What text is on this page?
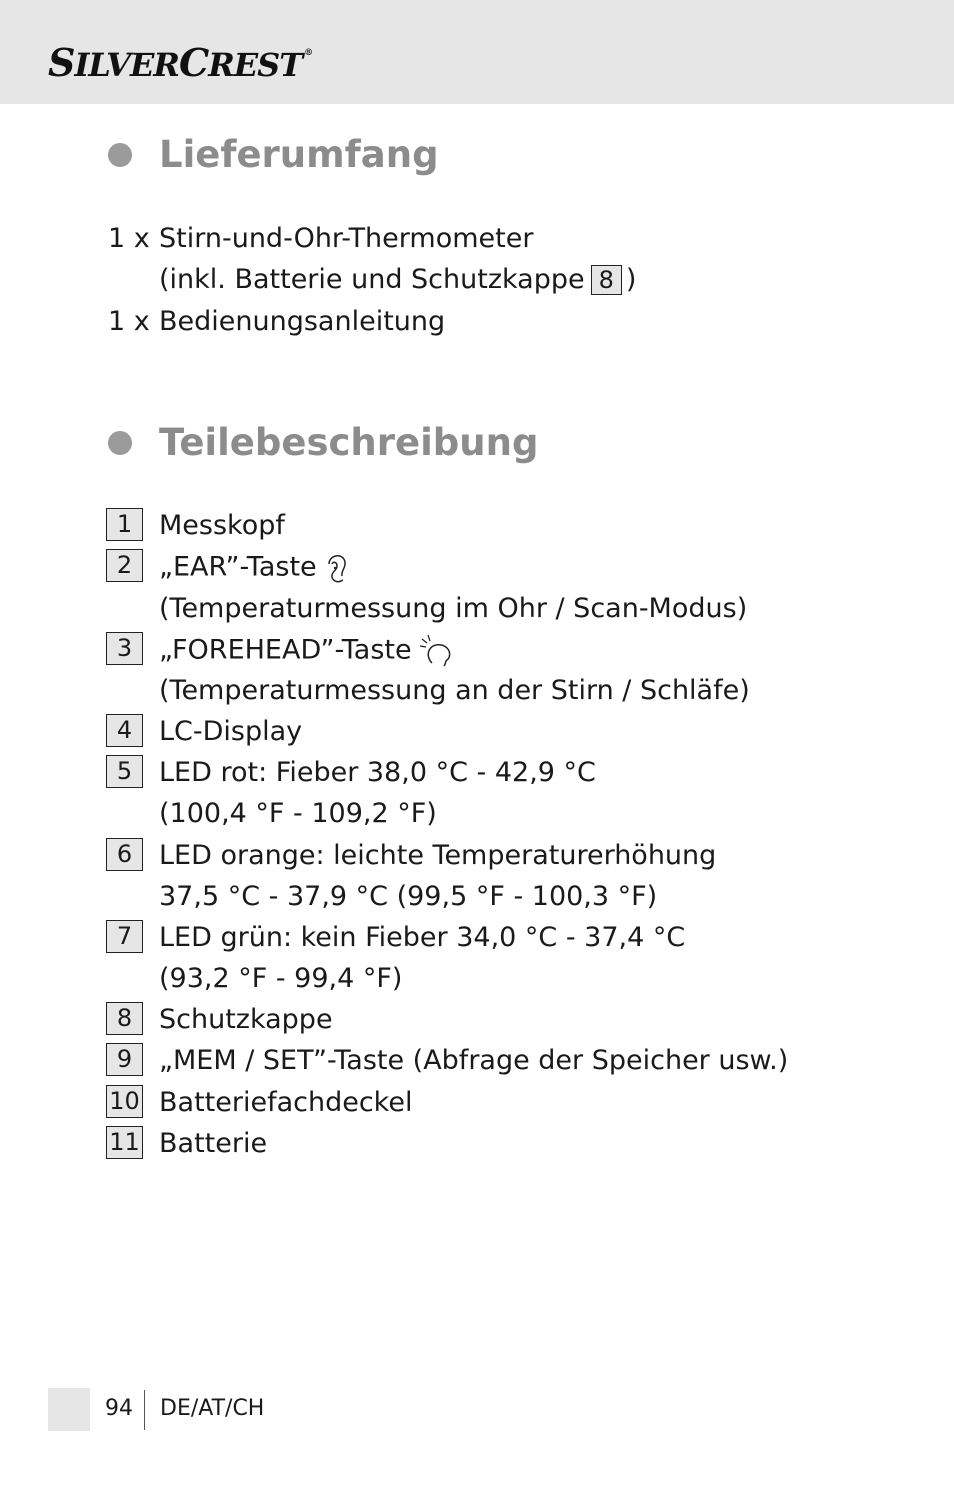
SILVERCREST ®
Lieferumfang
1 x Stirn-und-Ohr-Thermometer
(inkl. Batterie und Schutzkappe 8 )
1 x Bedienungsanleitung
Teilebeschreibung
1 Messkopf
2 „EAR”-Taste
(Temperaturmessung im Ohr / Scan-Modus)
3 „FOREHEAD”-Taste
(Temperaturmessung an der Stirn / Schläfe)
4 LC-Display
5 LED rot: Fieber 38,0 °C - 42,9 °C
(100,4 °F - 109,2 °F)
6 LED orange: leichte Temperaturerhöhung
37,5 °C - 37,9 °C (99,5 °F - 100,3 °F)
7 LED grün: kein Fieber 34,0 °C - 37,4 °C
(93,2 °F - 99,4 °F)
8 Schutzkappe
9 „MEM / SET”-Taste (Abfrage der Speicher usw.)
10 Batteriefachdeckel
11 Batterie
94 DE/AT/CH
